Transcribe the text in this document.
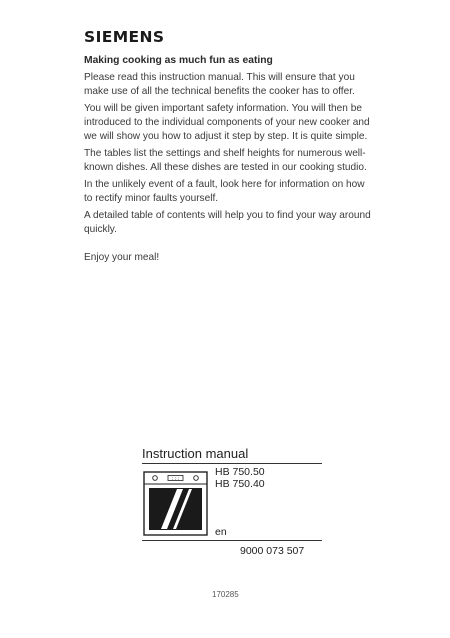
SIEMENS
Making cooking as much fun as eating

Please read this instruction manual. This will ensure that you make use of all the technical benefits the cooker has to offer.

You will be given important safety information. You will then be introduced to the individual components of your new cooker and we will show you how to adjust it step by step. It is quite simple.

The tables list the settings and shelf heights for numerous well-known dishes. All these dishes are tested in our cooking studio.

In the unlikely event of a fault, look here for information on how to rectify minor faults yourself.

A detailed table of contents will help you to find your way around quickly.

Enjoy your meal!

Instruction manual
:::
HB 750.50
HB 750.40
en
9000 073 507
170285
